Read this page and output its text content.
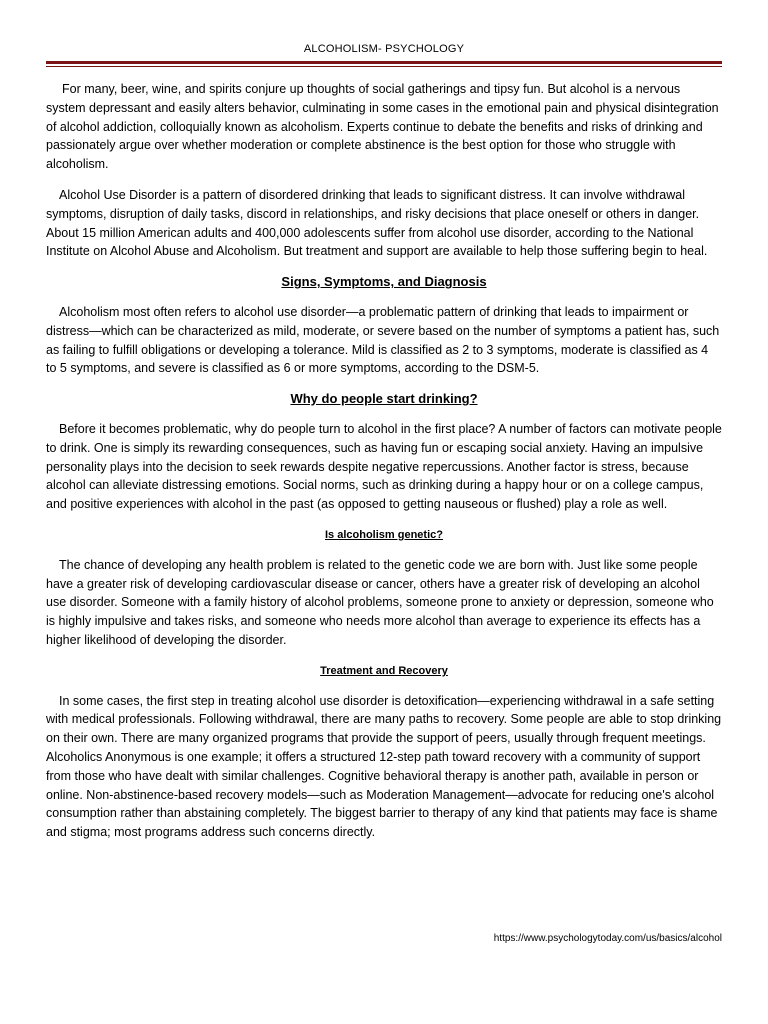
ALCOHOLISM- PSYCHOLOGY

For many, beer, wine, and spirits conjure up thoughts of social gatherings and tipsy fun. But alcohol is a nervous system depressant and easily alters behavior, culminating in some cases in the emotional pain and physical disintegration of alcohol addiction, colloquially known as alcoholism. Experts continue to debate the benefits and risks of drinking and passionately argue over whether moderation or complete abstinence is the best option for those who struggle with alcoholism.

Alcohol Use Disorder is a pattern of disordered drinking that leads to significant distress. It can involve withdrawal symptoms, disruption of daily tasks, discord in relationships, and risky decisions that place oneself or others in danger. About 15 million American adults and 400,000 adolescents suffer from alcohol use disorder, according to the National Institute on Alcohol Abuse and Alcoholism. But treatment and support are available to help those suffering begin to heal.

Signs, Symptoms, and Diagnosis

Alcoholism most often refers to alcohol use disorder—a problematic pattern of drinking that leads to impairment or distress—which can be characterized as mild, moderate, or severe based on the number of symptoms a patient has, such as failing to fulfill obligations or developing a tolerance. Mild is classified as 2 to 3 symptoms, moderate is classified as 4 to 5 symptoms, and severe is classified as 6 or more symptoms, according to the DSM-5.

Why do people start drinking?

Before it becomes problematic, why do people turn to alcohol in the first place? A number of factors can motivate people to drink. One is simply its rewarding consequences, such as having fun or escaping social anxiety. Having an impulsive personality plays into the decision to seek rewards despite negative repercussions. Another factor is stress, because alcohol can alleviate distressing emotions. Social norms, such as drinking during a happy hour or on a college campus, and positive experiences with alcohol in the past (as opposed to getting nauseous or flushed) play a role as well.

Is alcoholism genetic?

The chance of developing any health problem is related to the genetic code we are born with. Just like some people have a greater risk of developing cardiovascular disease or cancer, others have a greater risk of developing an alcohol use disorder. Someone with a family history of alcohol problems, someone prone to anxiety or depression, someone who is highly impulsive and takes risks, and someone who needs more alcohol than average to experience its effects has a higher likelihood of developing the disorder.

Treatment and Recovery

In some cases, the first step in treating alcohol use disorder is detoxification—experiencing withdrawal in a safe setting with medical professionals. Following withdrawal, there are many paths to recovery. Some people are able to stop drinking on their own. There are many organized programs that provide the support of peers, usually through frequent meetings. Alcoholics Anonymous is one example; it offers a structured 12-step path toward recovery with a community of support from those who have dealt with similar challenges. Cognitive behavioral therapy is another path, available in person or online. Non-abstinence-based recovery models—such as Moderation Management—advocate for reducing one's alcohol consumption rather than abstaining completely. The biggest barrier to therapy of any kind that patients may face is shame and stigma; most programs address such concerns directly.

https://www.psychologytoday.com/us/basics/alcohol
